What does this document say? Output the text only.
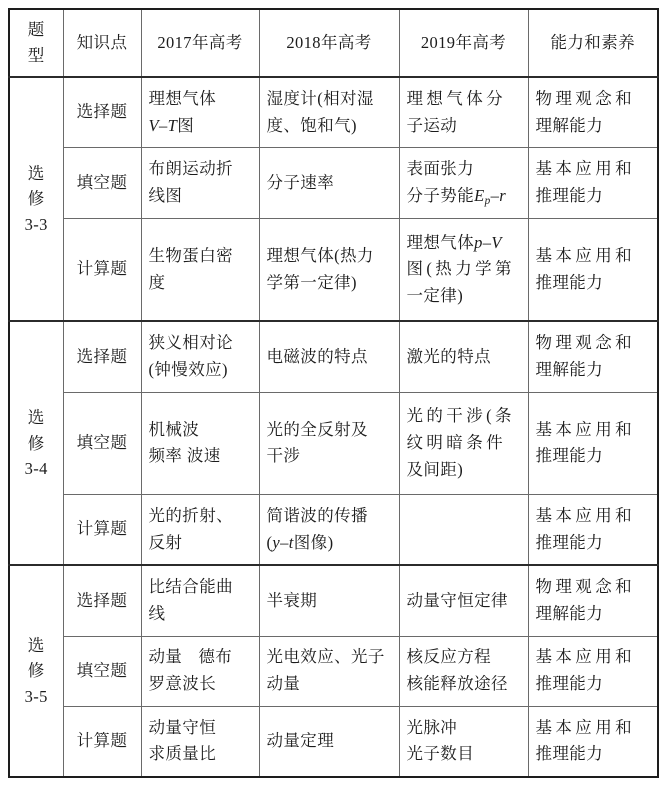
题
型	知识点	2017年高考	2018年高考	2019年高考	能力和素养

选
修
3-3	选择题	理想气体
V–T图	湿度计(相对湿
度、饱和气)	理想气体分
子运动	物理观念和
理解能力

	填空题	布朗运动折
线图	分子速率	表面张力
分子势能$E_p-r$	基本应用和
推理能力

	计算题	生物蛋白密
度	理想气体(热力
学第一定律)	理想气体p–V
图(热力学第
一定律)	基本应用和
推理能力

选
修
3-4	选择题	狭义相对论
(钟慢效应)	电磁波的特点	激光的特点	物理观念和
理解能力

	填空题	机械波
频率 波速	光的全反射及
干涉	光的干涉(条
纹明暗条件
及间距)	基本应用和
推理能力

	计算题	光的折射、
反射	简谐波的传播
(y–t图像)		基本应用和
推理能力

选
修
3-5	选择题	比结合能曲
线	半衰期	动量守恒定律	物理观念和
理解能力

	填空题	动量 德布
罗意波长	光电效应、光子
动量	核反应方程
核能释放途径	基本应用和
推理能力

	计算题	动量守恒
求质量比	动量定理	光脉冲
光子数目	基本应用和
推理能力
